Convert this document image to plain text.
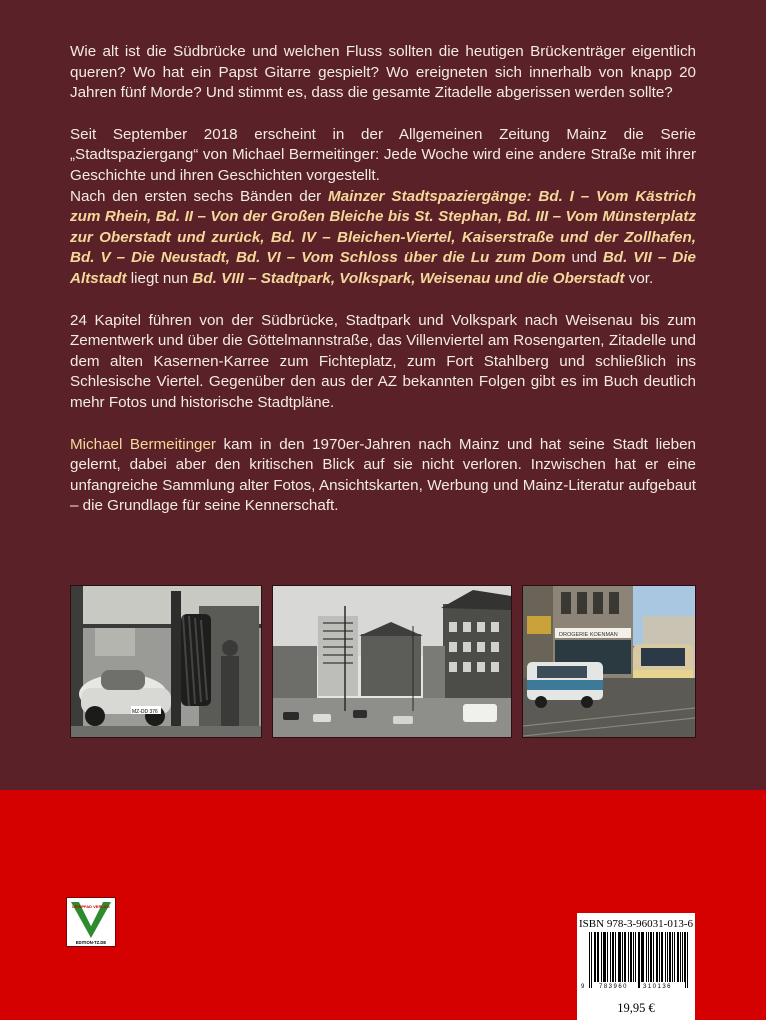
Wie alt ist die Südbrücke und welchen Fluss sollten die heutigen Brückenträger eigentlich queren? Wo hat ein Papst Gitarre gespielt? Wo ereigneten sich innerhalb von knapp 20 Jahren fünf Morde? Und stimmt es, dass die gesamte Zitadelle abgerissen werden sollte?

Seit September 2018 erscheint in der Allgemeinen Zeitung Mainz die Serie „Stadtspaziergang“ von Michael Bermeitinger: Jede Woche wird eine andere Straße mit ihrer Geschichte und ihren Geschichten vorgestellt.

Nach den ersten sechs Bänden der Mainzer Stadtspaziergänge: Bd. I – Vom Kästrich zum Rhein, Bd. II – Von der Großen Bleiche bis St. Stephan, Bd. III – Vom Münsterplatz zur Oberstadt und zurück, Bd. IV – Bleichen-Viertel, Kaiserstraße und der Zollhafen, Bd. V – Die Neustadt, Bd. VI – Vom Schloss über die Lu zum Dom und Bd. VII – Die Altstadt liegt nun Bd. VIII – Stadtpark, Volkspark, Weisenau und die Oberstadt vor.

24 Kapitel führen von der Südbrücke, Stadtpark und Volkspark nach Weisenau bis zum Zementwerk und über die Göttelmannstraße, das Villenviertel am Rosengarten, Zitadelle und dem alten Kasernen-Karree zum Fichteplatz, zum Fort Stahlberg und schließlich ins Schlesische Viertel. Gegenüber den aus der AZ bekannten Folgen gibt es im Buch deutlich mehr Fotos und historische Stadtpläne.

Michael Bermeitinger kam in den 1970er-Jahren nach Mainz und hat seine Stadt lieben gelernt, dabei aber den kritischen Blick auf sie nicht verloren. Inzwischen hat er eine unfangreiche Sammlung alter Fotos, Ansichtskarten, Werbung und Mainz-Literatur aufgebaut – die Grundlage für seine Kennerschaft.

MZ-DD 376
DROGERIE KOENMAN
LEINPFAD VERLAG
EDITION-TZ.DE
ISBN 978-3-96031-013-6
9 783960 310136
19,95 €
